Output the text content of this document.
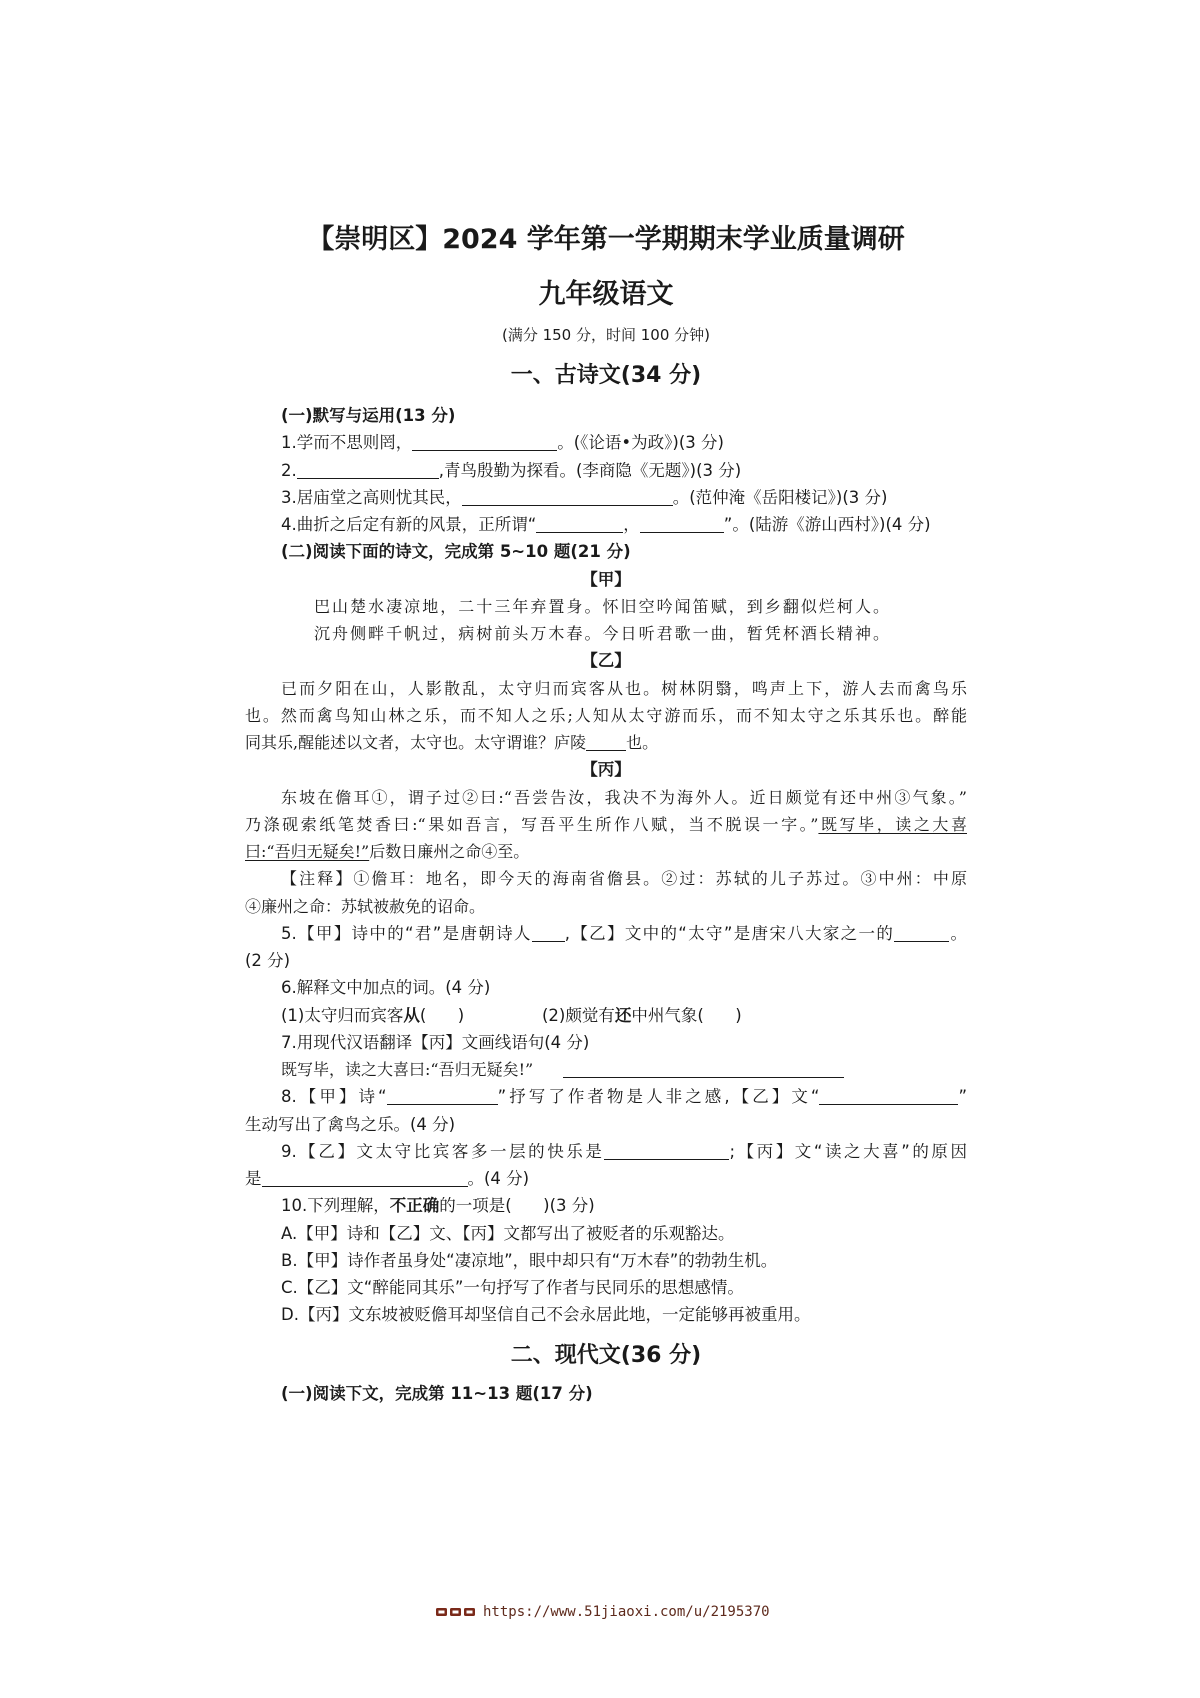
【崇明区】2024 学年第一学期期末学业质量调研
九年级语文
(满分 150 分，时间 100 分钟)
一、古诗文(34 分)
(一)默写与运用(13 分)
1.学而不思则罔，	。(《论语•为政》)(3 分)
2.	,青鸟殷勤为探看。(李商隐《无题》)(3 分)
3.居庙堂之高则忧其民，	。(范仲淹《岳阳楼记》)(3 分)
4.曲折之后定有新的风景，正所谓“	，	”。(陆游《游山西村》)(4 分)
(二)阅读下面的诗文，完成第 5~10 题(21 分)
【甲】
巴山楚水凄凉地，二十三年弃置身。怀旧空吟闻笛赋，到乡翻似烂柯人。
沉舟侧畔千帆过，病树前头万木春。今日听君歌一曲，暂凭杯酒长精神。
【乙】
已而夕阳在山，人影散乱，太守归而宾客从也。树林阴翳，鸣声上下，游人去而禽鸟乐
也。然而禽鸟知山林之乐，而不知人之乐;人知从太守游而乐，而不知太守之乐其乐也。醉能
同其乐,醒能述以文者，太守也。太守谓谁？庐陵	也。
【丙】
东坡在儋耳①，谓子过②曰:“吾尝告汝，我决不为海外人。近日颇觉有还中州③气象。”
乃涤砚索纸笔焚香曰:“果如吾言，写吾平生所作八赋，当不脱误一字。”既写毕，读之大喜
曰:“吾归无疑矣!”后数日廉州之命④至。
【注释】①儋耳：地名，即今天的海南省儋县。②过：苏轼的儿子苏过。③中州：中原
④廉州之命：苏轼被赦免的诏命。
5.【甲】诗中的“君”是唐朝诗人 ,【乙】文中的“太守”是唐宋八大家之一的	。
(2 分)
6.解释文中加点的词。(4 分)
(1)太守归而宾客从(      )	(2)颇觉有还中州气象(      )
7.用现代汉语翻译【丙】文画线语句(4 分)
既写毕，读之大喜曰:“吾归无疑矣!”
8.【甲】诗“	”抒写了作者物是人非之感,【乙】文“	”
生动写出了禽鸟之乐。(4 分)
9.【乙】文太守比宾客多一层的快乐是	;【丙】文“读之大喜”的原因
是	。(4 分)
10.下列理解，不正确的一项是(      )(3 分)
A.【甲】诗和【乙】文、【丙】文都写出了被贬者的乐观豁达。
B.【甲】诗作者虽身处“凄凉地”，眼中却只有“万木春”的勃勃生机。
C.【乙】文“醉能同其乐”一句抒写了作者与民同乐的思想感情。
D.【丙】文东坡被贬儋耳却坚信自己不会永居此地，一定能够再被重用。
二、现代文(36 分)
(一)阅读下文，完成第 11~13 题(17 分)
https://www.51jiaoxi.com/u/2195370
